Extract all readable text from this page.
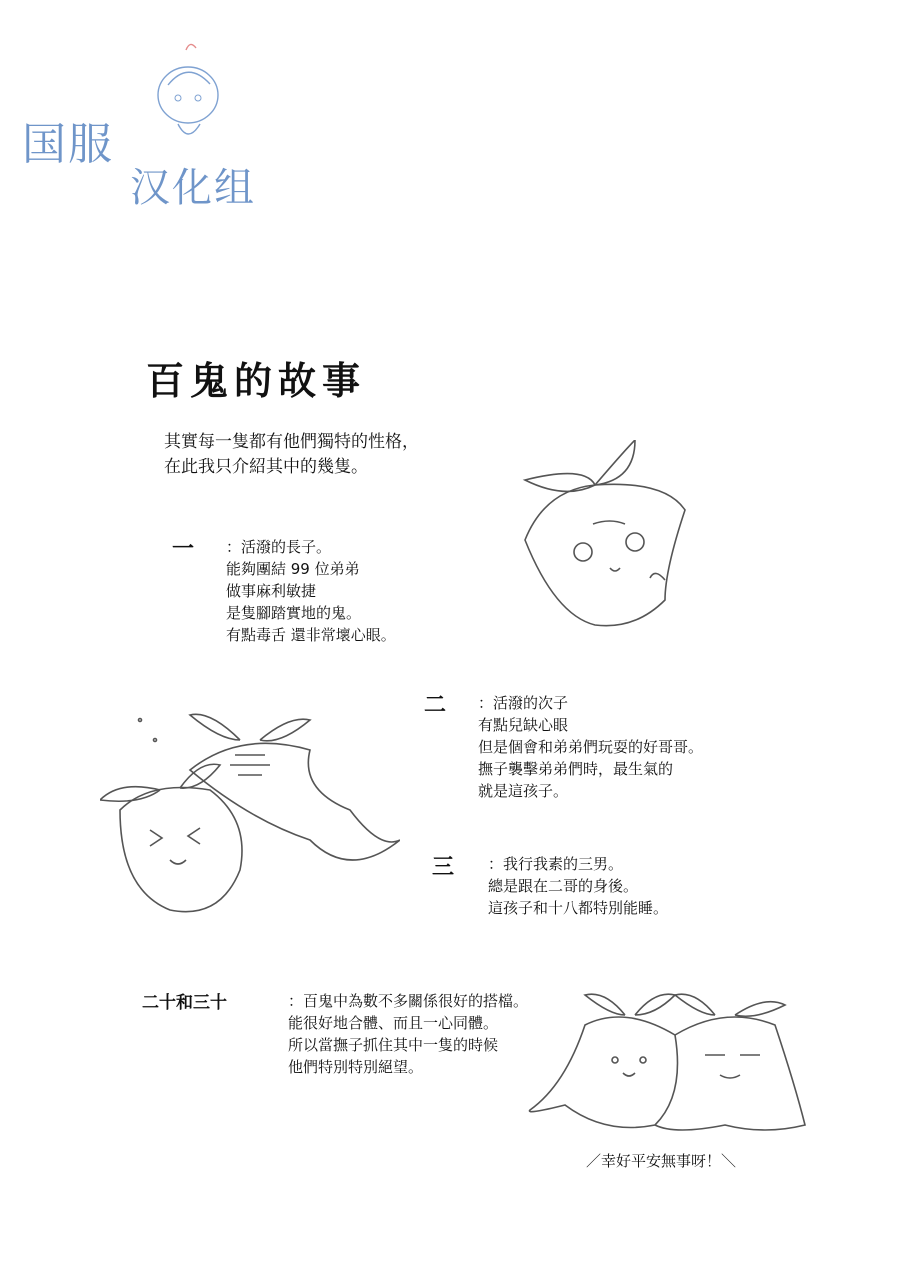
国服
汉化组
百鬼的故事
其實每一隻都有他們獨特的性格，
在此我只介紹其中的幾隻。
一 ：活潑的長子。
能夠團結 99 位弟弟
做事麻利敏捷
是隻腳踏實地的鬼。
有點毒舌 還非常壞心眼。
二 ：活潑的次子
有點兒缺心眼
但是個會和弟弟們玩耍的好哥哥。
撫子襲擊弟弟們時，最生氣的
就是這孩子。
三 ：我行我素的三男。
總是跟在二哥的身後。
這孩子和十八都特別能睡。
二十和三十	：百鬼中為數不多關係很好的搭檔。
能很好地合體、而且一心同體。
所以當撫子抓住其中一隻的時候
他們特別特別絕望。
／幸好平安無事呀！＼
